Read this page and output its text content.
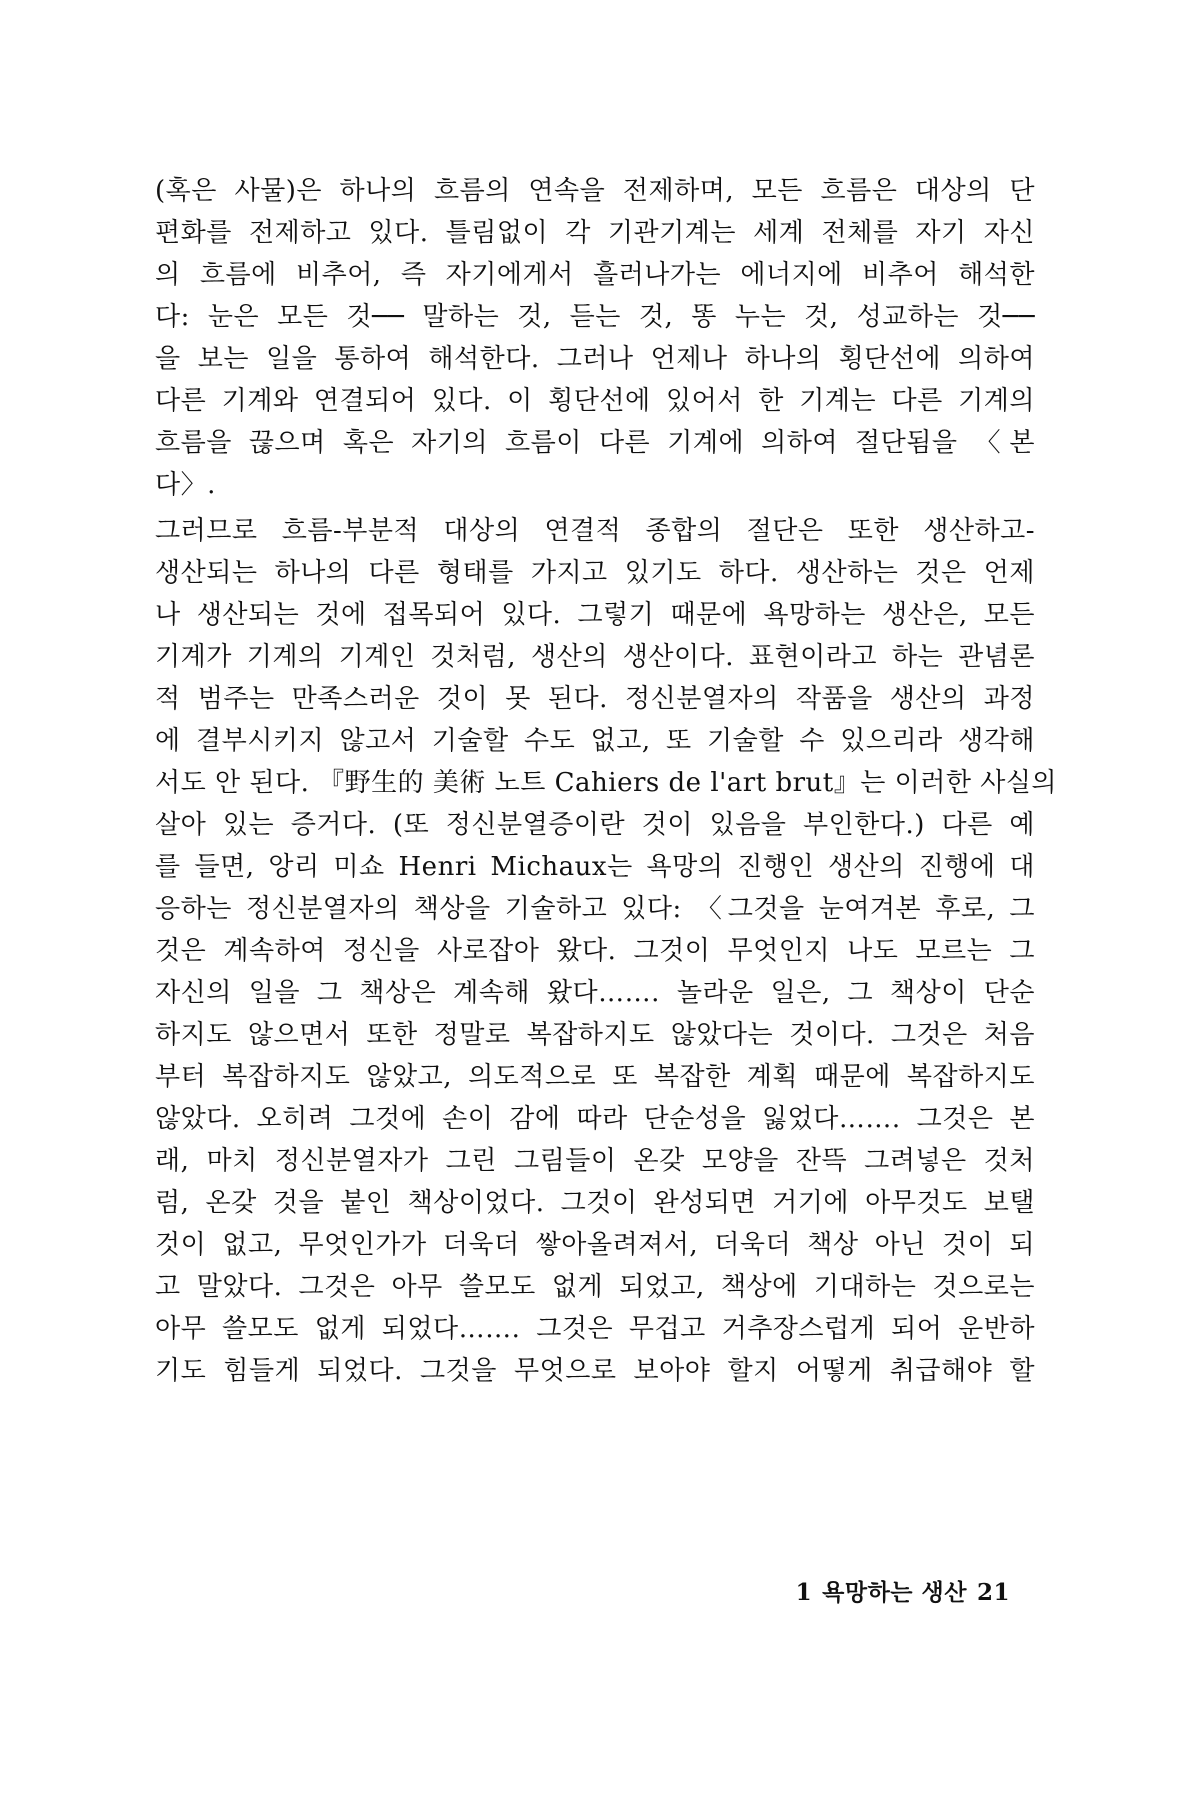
(혹은 사물)은 하나의 흐름의 연속을 전제하며, 모든 흐름은 대상의 단
편화를 전제하고 있다. 틀림없이 각 기관기계는 세계 전체를 자기 자신
의 흐름에 비추어, 즉 자기에게서 흘러나가는 에너지에 비추어 해석한
다: 눈은 모든 것── 말하는 것, 듣는 것, 똥 누는 것, 성교하는 것──
을 보는 일을 통하여 해석한다. 그러나 언제나 하나의 횡단선에 의하여
다른 기계와 연결되어 있다. 이 횡단선에 있어서 한 기계는 다른 기계의
흐름을 끊으며 혹은 자기의 흐름이 다른 기계에 의하여 절단됨을 〈본
다〉.
그러므로 흐름-부분적 대상의 연결적 종합의 절단은 또한 생산하고-
생산되는 하나의 다른 형태를 가지고 있기도 하다. 생산하는 것은 언제
나 생산되는 것에 접목되어 있다. 그렇기 때문에 욕망하는 생산은, 모든
기계가 기계의 기계인 것처럼, 생산의 생산이다. 표현이라고 하는 관념론
적 범주는 만족스러운 것이 못 된다. 정신분열자의 작품을 생산의 과정
에 결부시키지 않고서 기술할 수도 없고, 또 기술할 수 있으리라 생각해
서도 안 된다. 『野生的 美術 노트 Cahiers de l'art brut』는 이러한 사실의
살아 있는 증거다. (또 정신분열증이란 것이 있음을 부인한다.) 다른 예
를 들면, 앙리 미쇼 Henri Michaux는 욕망의 진행인 생산의 진행에 대
응하는 정신분열자의 책상을 기술하고 있다: 〈그것을 눈여겨본 후로, 그
것은 계속하여 정신을 사로잡아 왔다. 그것이 무엇인지 나도 모르는 그
자신의 일을 그 책상은 계속해 왔다……. 놀라운 일은, 그 책상이 단순
하지도 않으면서 또한 정말로 복잡하지도 않았다는 것이다. 그것은 처음
부터 복잡하지도 않았고, 의도적으로 또 복잡한 계획 때문에 복잡하지도
않았다. 오히려 그것에 손이 감에 따라 단순성을 잃었다……. 그것은 본
래, 마치 정신분열자가 그린 그림들이 온갖 모양을 잔뜩 그려넣은 것처
럼, 온갖 것을 붙인 책상이었다. 그것이 완성되면 거기에 아무것도 보탤
것이 없고, 무엇인가가 더욱더 쌓아올려져서, 더욱더 책상 아닌 것이 되
고 말았다. 그것은 아무 쓸모도 없게 되었고, 책상에 기대하는 것으로는
아무 쓸모도 없게 되었다……. 그것은 무겁고 거추장스럽게 되어 운반하
기도 힘들게 되었다. 그것을 무엇으로 보아야 할지 어떻게 취급해야 할
1 욕망하는 생산 21
